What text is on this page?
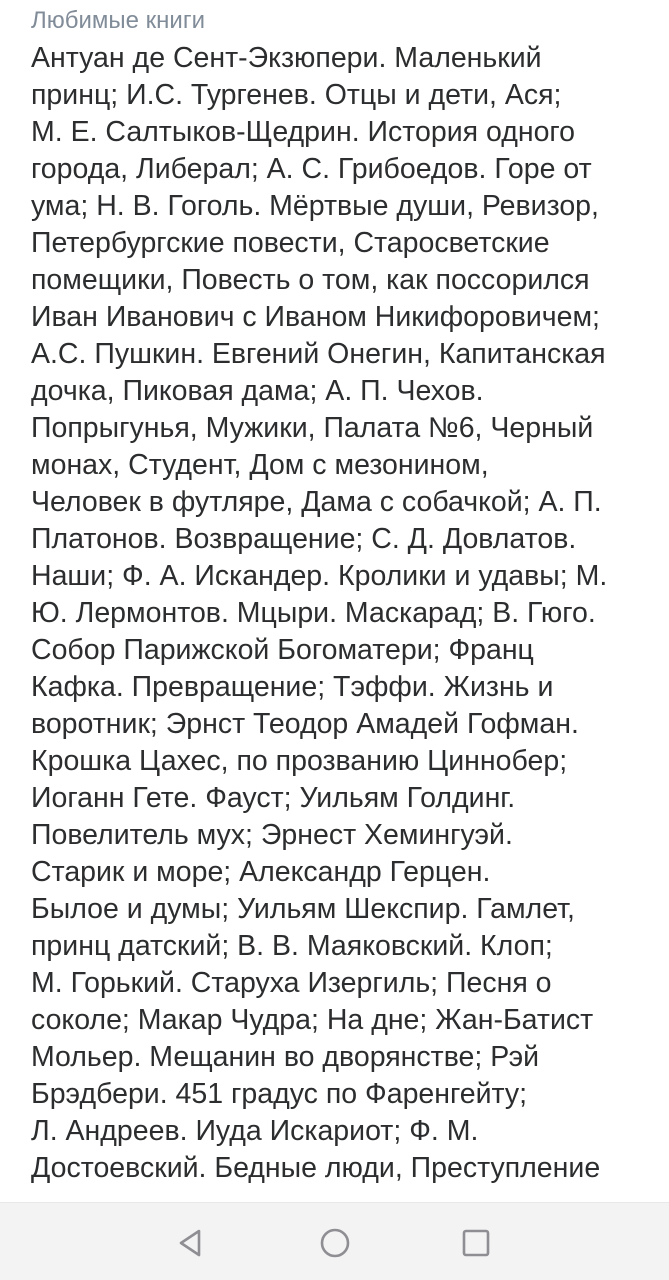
Любимые книги
Антуан де Сент-Экзюпери. Маленький
принц; И.С. Тургенев. Отцы и дети, Ася;
М. Е. Салтыков-Щедрин. История одного
города, Либерал; А. С. Грибоедов. Горе от
ума; Н. В. Гоголь. Мёртвые души, Ревизор,
Петербургские повести, Старосветские
помещики, Повесть о том, как поссорился
Иван Иванович с Иваном Никифоровичем;
А.С. Пушкин. Евгений Онегин, Капитанская
дочка, Пиковая дама; А. П. Чехов.
Попрыгунья, Мужики, Палата №6, Черный
монах, Студент, Дом с мезонином,
Человек в футляре, Дама с собачкой; А. П.
Платонов. Возвращение; С. Д. Довлатов.
Наши; Ф. А. Искандер. Кролики и удавы; М.
Ю. Лермонтов. Мцыри. Маскарад; В. Гюго.
Собор Парижской Богоматери; Франц
Кафка. Превращение; Тэффи. Жизнь и
воротник; Эрнст Теодор Амадей Гофман.
Крошка Цахес, по прозванию Циннобер;
Иоганн Гете. Фауст; Уильям Голдинг.
Повелитель мух; Эрнест Хемингуэй.
Старик и море; Александр Герцен.
Былое и думы; Уильям Шекспир. Гамлет,
принц датский; В. В. Маяковский. Клоп;
М. Горький. Старуха Изергиль; Песня о
соколе; Макар Чудра; На дне; Жан-Батист
Мольер. Мещанин во дворянстве; Рэй
Брэдбери. 451 градус по Фаренгейту;
Л. Андреев. Иуда Искариот; Ф. М.
Достоевский. Бедные люди, Преступление
